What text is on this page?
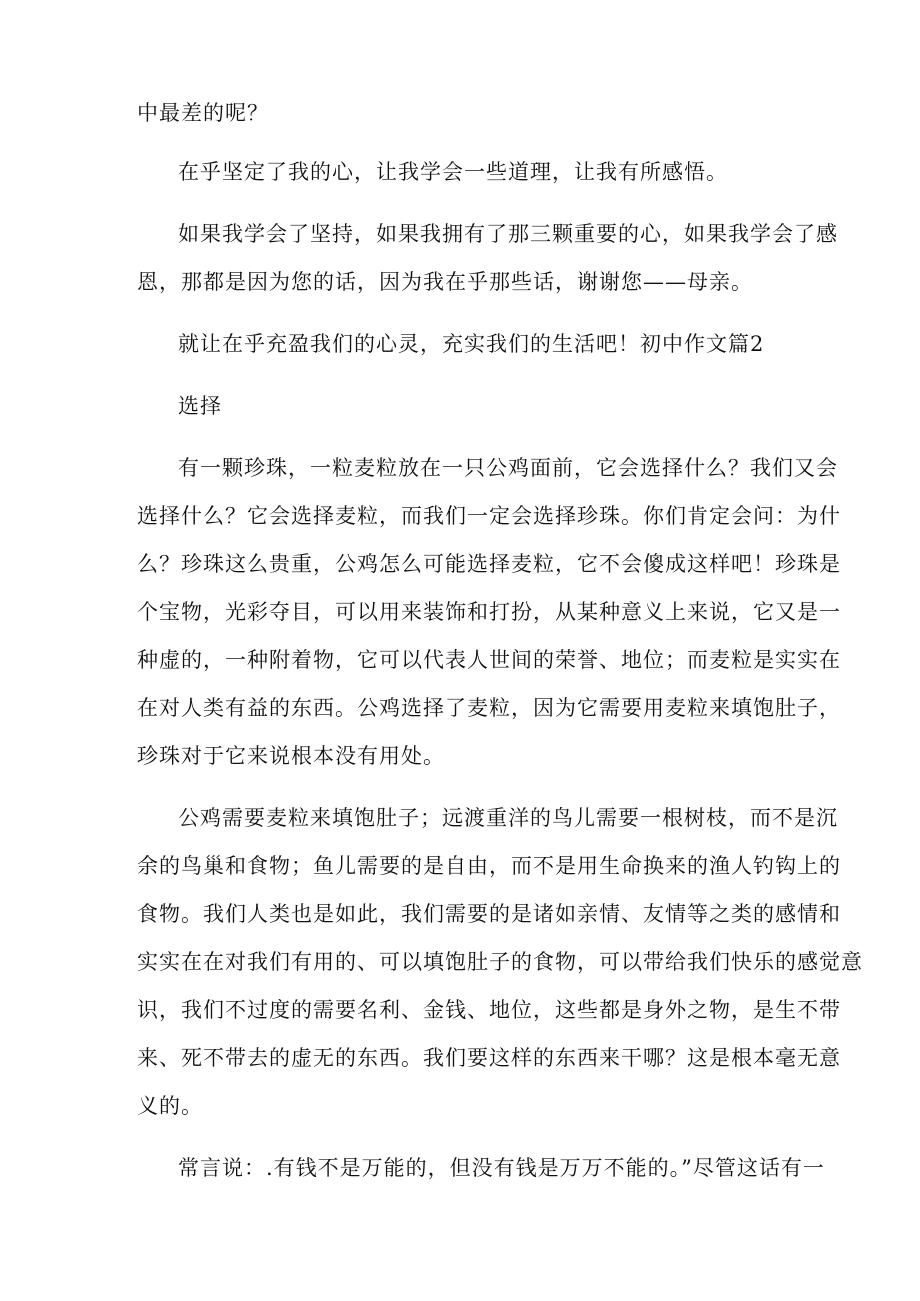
中最差的呢？
在乎坚定了我的心，让我学会一些道理，让我有所感悟。
如果我学会了坚持，如果我拥有了那三颗重要的心，如果我学会了感
恩，那都是因为您的话，因为我在乎那些话，谢谢您——母亲。
就让在乎充盈我们的心灵，充实我们的生活吧！初中作文篇2
选择
有一颗珍珠，一粒麦粒放在一只公鸡面前，它会选择什么？我们又会
选择什么？它会选择麦粒，而我们一定会选择珍珠。你们肯定会问：为什
么？珍珠这么贵重，公鸡怎么可能选择麦粒，它不会傻成这样吧！珍珠是
个宝物，光彩夺目，可以用来装饰和打扮，从某种意义上来说，它又是一
种虚的，一种附着物，它可以代表人世间的荣誉、地位；而麦粒是实实在
在对人类有益的东西。公鸡选择了麦粒，因为它需要用麦粒来填饱肚子，
珍珠对于它来说根本没有用处。
公鸡需要麦粒来填饱肚子；远渡重洋的鸟儿需要一根树枝，而不是沉
余的鸟巢和食物；鱼儿需要的是自由，而不是用生命换来的渔人钓钩上的
食物。我们人类也是如此，我们需要的是诸如亲情、友情等之类的感情和
实实在在对我们有用的、可以填饱肚子的食物，可以带给我们快乐的感觉意
识，我们不过度的需要名利、金钱、地位，这些都是身外之物，是生不带
来、死不带去的虚无的东西。我们要这样的东西来干哪？这是根本毫无意
义的。
常言说：.有钱不是万能的，但没有钱是万万不能的。”尽管这话有一
